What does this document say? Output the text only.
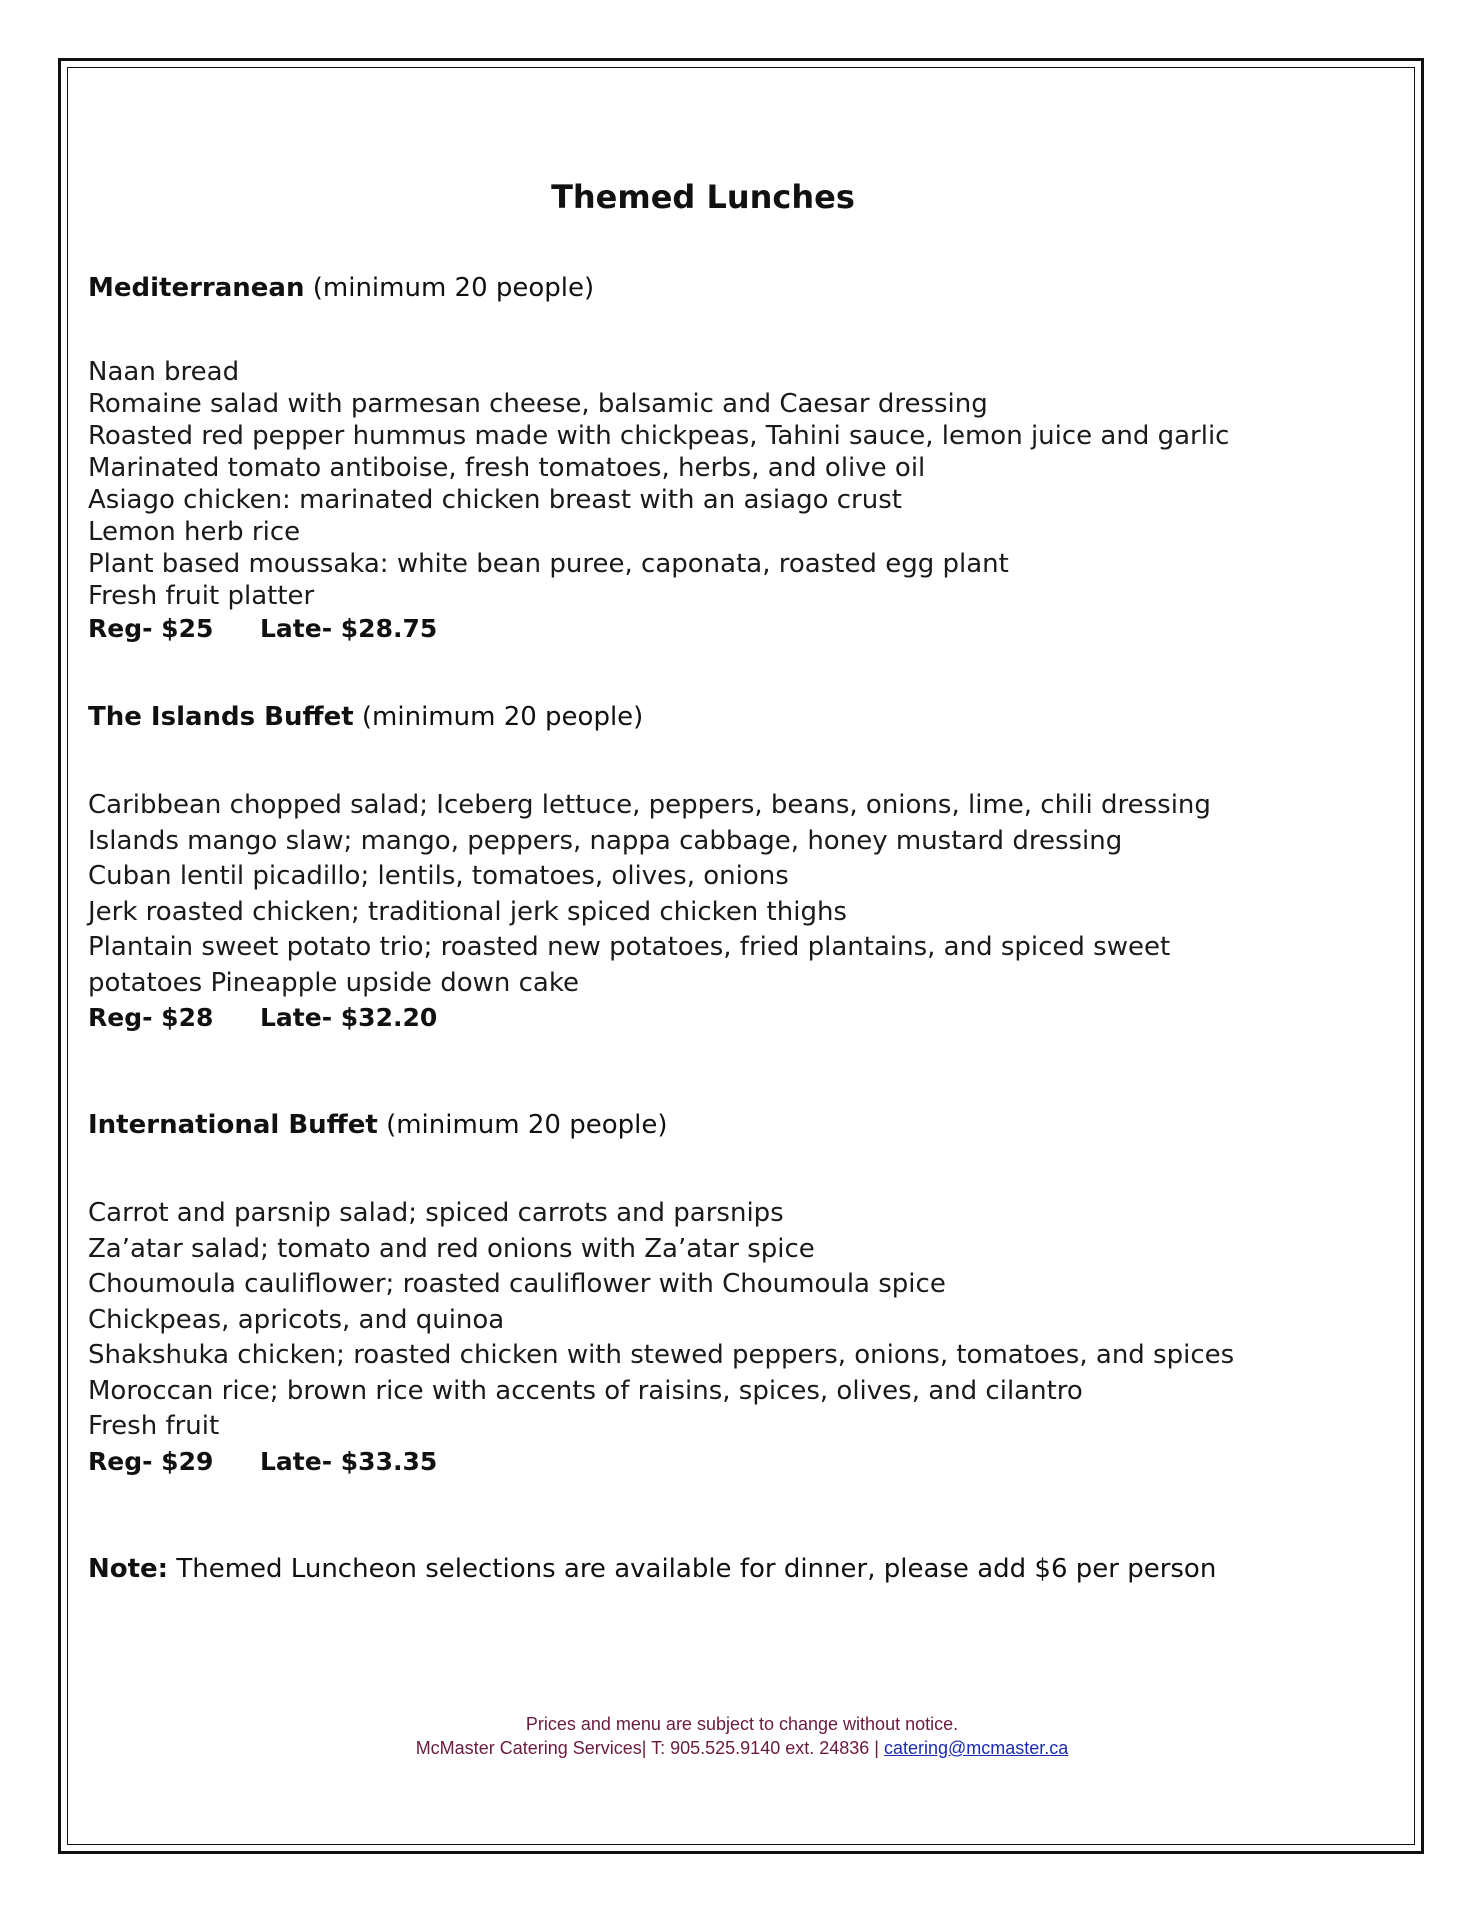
Themed Lunches

Mediterranean (minimum 20 people)

Naan bread
Romaine salad with parmesan cheese, balsamic and Caesar dressing
Roasted red pepper hummus made with chickpeas, Tahini sauce, lemon juice and garlic
Marinated tomato antiboise, fresh tomatoes, herbs, and olive oil
Asiago chicken: marinated chicken breast with an asiago crust
Lemon herb rice
Plant based moussaka: white bean puree, caponata, roasted egg plant
Fresh fruit platter
Reg- $25	Late- $28.75

The Islands Buffet (minimum 20 people)

Caribbean chopped salad; Iceberg lettuce, peppers, beans, onions, lime, chili dressing
Islands mango slaw; mango, peppers, nappa cabbage, honey mustard dressing
Cuban lentil picadillo; lentils, tomatoes, olives, onions
Jerk roasted chicken; traditional jerk spiced chicken thighs
Plantain sweet potato trio; roasted new potatoes, fried plantains, and spiced sweet
potatoes Pineapple upside down cake
Reg- $28	Late- $32.20

International Buffet (minimum 20 people)

Carrot and parsnip salad; spiced carrots and parsnips
Za’atar salad; tomato and red onions with Za’atar spice
Choumoula cauliflower; roasted cauliflower with Choumoula spice
Chickpeas, apricots, and quinoa
Shakshuka chicken; roasted chicken with stewed peppers, onions, tomatoes, and spices
Moroccan rice; brown rice with accents of raisins, spices, olives, and cilantro
Fresh fruit
Reg- $29	Late- $33.35

Note: Themed Luncheon selections are available for dinner, please add $6 per person

Prices and menu are subject to change without notice.
McMaster Catering Services| T: 905.525.9140 ext. 24836 | catering@mcmaster.ca
